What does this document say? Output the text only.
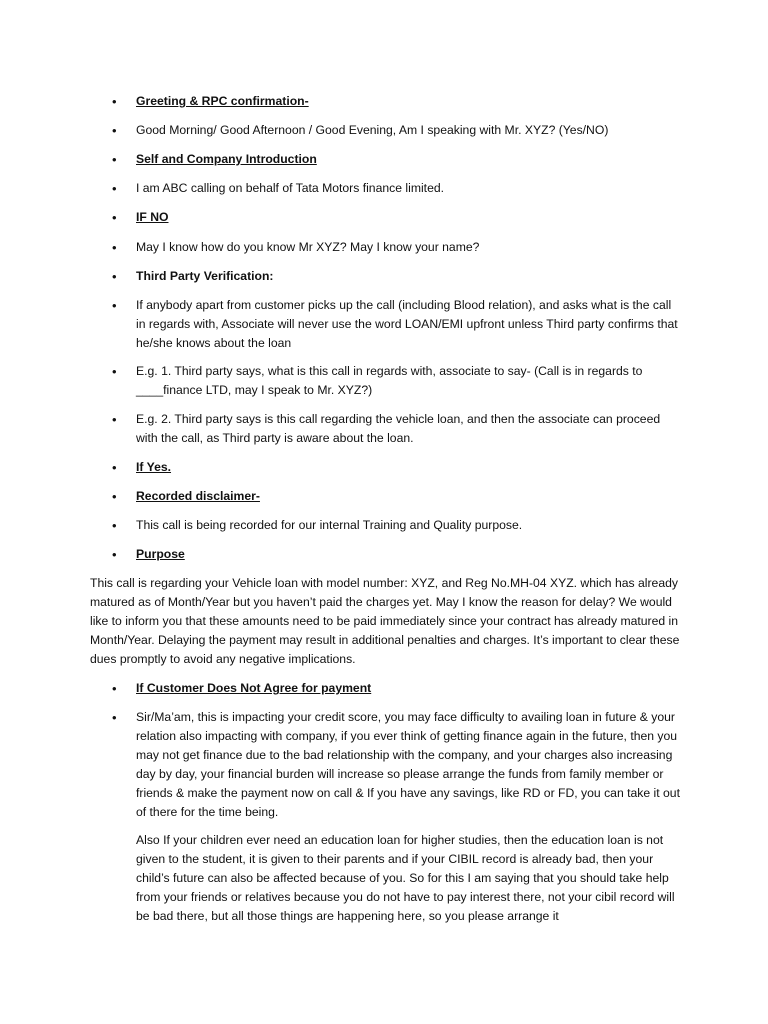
•	Greeting & RPC confirmation-

•	Good Morning/ Good Afternoon / Good Evening, Am I speaking with Mr. XYZ? (Yes/NO)

•	Self and Company Introduction

•	I am ABC calling on behalf of Tata Motors finance limited.

•	IF NO

•	May I know how do you know Mr XYZ? May I know your name?

•	Third Party Verification:

•	If anybody apart from customer picks up the call (including Blood relation), and asks what is the call in regards with, Associate will never use the word LOAN/EMI upfront unless Third party confirms that he/she knows about the loan

•	E.g. 1. Third party says, what is this call in regards with, associate to say- (Call is in regards to ____finance LTD, may I speak to Mr. XYZ?)

•	E.g. 2. Third party says is this call regarding the vehicle loan, and then the associate can proceed with the call, as Third party is aware about the loan.

•	If Yes.

•	Recorded disclaimer-

•	This call is being recorded for our internal Training and Quality purpose.

•	Purpose

This call is regarding your Vehicle loan with model number: XYZ, and Reg No.MH-04 XYZ. which has already matured as of Month/Year but you haven’t paid the charges yet. May I know the reason for delay? We would like to inform you that these amounts need to be paid immediately since your contract has already matured in Month/Year. Delaying the payment may result in additional penalties and charges. It’s important to clear these dues promptly to avoid any negative implications.

•	If Customer Does Not Agree for payment

•	Sir/Ma’am, this is impacting your credit score, you may face difficulty to availing loan in future & your relation also impacting with company, if you ever think of getting finance again in the future, then you may not get finance due to the bad relationship with the company, and your charges also increasing day by day, your financial burden will increase so please arrange the funds from family member or friends & make the payment now on call & If you have any savings, like RD or FD, you can take it out of there for the time being.

Also If your children ever need an education loan for higher studies, then the education loan is not given to the student, it is given to their parents and if your CIBIL record is already bad, then your child’s future can also be affected because of you. So for this I am saying that you should take help from your friends or relatives because you do not have to pay interest there, not your cibil record will be bad there, but all those things are happening here, so you please arrange it
